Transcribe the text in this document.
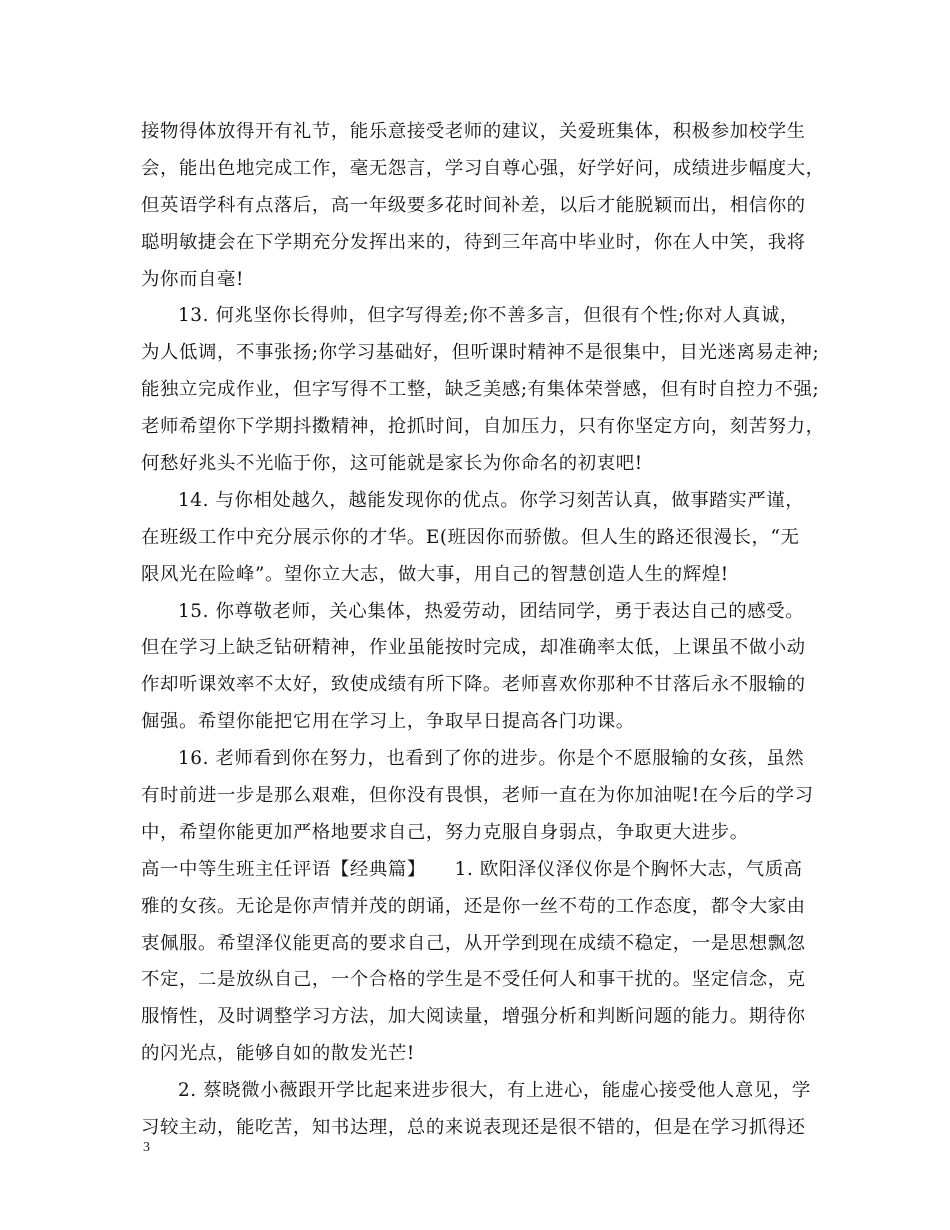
接物得体放得开有礼节，能乐意接受老师的建议，关爱班集体，积极参加校学生
会，能出色地完成工作，毫无怨言，学习自尊心强，好学好问，成绩进步幅度大，
但英语学科有点落后，高一年级要多花时间补差，以后才能脱颖而出，相信你的
聪明敏捷会在下学期充分发挥出来的，待到三年高中毕业时，你在人中笑，我将
为你而自毫!
13. 何兆坚你长得帅，但字写得差;你不善多言，但很有个性;你对人真诚，
为人低调，不事张扬;你学习基础好，但听课时精神不是很集中，目光迷离易走神;
能独立完成作业，但字写得不工整，缺乏美感;有集体荣誉感，但有时自控力不强;
老师希望你下学期抖擞精神，抢抓时间，自加压力，只有你坚定方向，刻苦努力，
何愁好兆头不光临于你，这可能就是家长为你命名的初衷吧!
14. 与你相处越久，越能发现你的优点。你学习刻苦认真，做事踏实严谨，
在班级工作中充分展示你的才华。E(班因你而骄傲。但人生的路还很漫长，“无
限风光在险峰”。望你立大志，做大事，用自己的智慧创造人生的辉煌!
15. 你尊敬老师，关心集体，热爱劳动，团结同学，勇于表达自己的感受。
但在学习上缺乏钻研精神，作业虽能按时完成，却准确率太低，上课虽不做小动
作却听课效率不太好，致使成绩有所下降。老师喜欢你那种不甘落后永不服输的
倔强。希望你能把它用在学习上，争取早日提高各门功课。
16. 老师看到你在努力，也看到了你的进步。你是个不愿服输的女孩，虽然
有时前进一步是那么艰难，但你没有畏惧，老师一直在为你加油呢!在今后的学习
中，希望你能更加严格地要求自己，努力克服自身弱点，争取更大进步。
高一中等生班主任评语【经典篇】　　1. 欧阳泽仪泽仪你是个胸怀大志，气质高
雅的女孩。无论是你声情并茂的朗诵，还是你一丝不苟的工作态度，都令大家由
衷佩服。希望泽仪能更高的要求自己，从开学到现在成绩不稳定，一是思想飘忽
不定，二是放纵自己，一个合格的学生是不受任何人和事干扰的。坚定信念，克
服惰性，及时调整学习方法，加大阅读量，增强分析和判断问题的能力。期待你
的闪光点，能够自如的散发光芒!
2. 蔡晓微小薇跟开学比起来进步很大，有上进心，能虚心接受他人意见，学
习较主动，能吃苦，知书达理，总的来说表现还是很不错的，但是在学习抓得还
3
